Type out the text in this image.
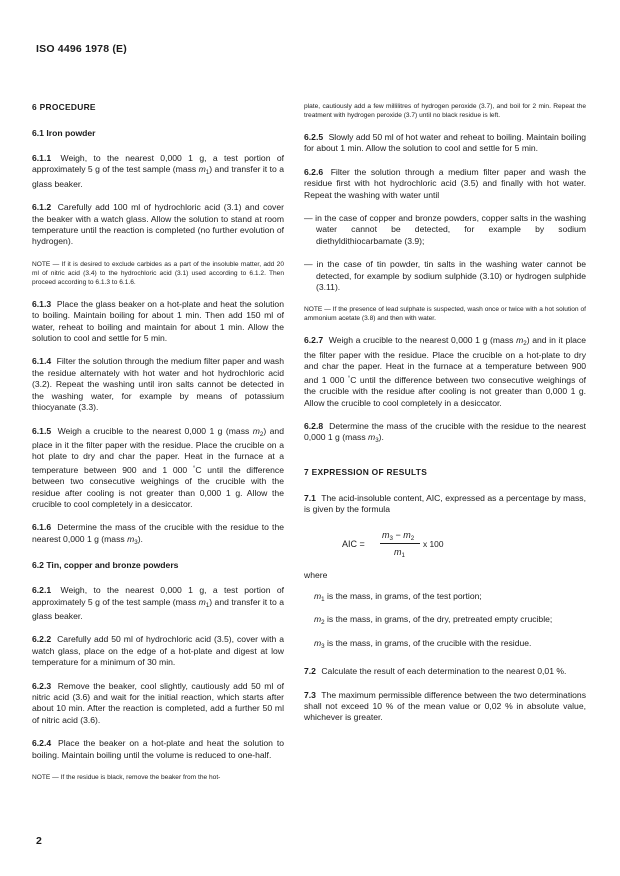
ISO 4496 1978 (E)
6 PROCEDURE
6.1 Iron powder

6.1.1 Weigh, to the nearest 0,000 1 g, a test portion of approximately 5 g of the test sample (mass $m_1$) and transfer it to a glass beaker.

6.1.2 Carefully add 100 ml of hydrochloric acid (3.1) and cover the beaker with a watch glass. Allow the solution to stand at room temperature until the reaction is completed (no further evolution of hydrogen).

NOTE — If it is desired to exclude carbides as a part of the insoluble matter, add 20 ml of nitric acid (3.4) to the hydrochloric acid (3.1) used according to 6.1.2. Then proceed according to 6.1.3 to 6.1.6.

6.1.3 Place the glass beaker on a hot-plate and heat the solution to boiling. Maintain boiling for about 1 min. Then add 150 ml of water, reheat to boiling and maintain for about 1 min. Allow the solution to cool and settle for 5 min.

6.1.4 Filter the solution through the medium filter paper and wash the residue alternately with hot water and hot hydrochloric acid (3.2). Repeat the washing until iron salts cannot be detected in the washing water, for example by means of potassium thiocyanate (3.3).

6.1.5 Weigh a crucible to the nearest 0,000 1 g (mass $m_2$) and place in it the filter paper with the residue. Place the crucible on a hot plate to dry and char the paper. Heat in the furnace at a temperature between 900 and 1 000 °C until the difference between two consecutive weighings of the crucible with the residue after cooling is not greater than 0,000 1 g. Allow the crucible to cool completely in a desiccator.

6.1.6 Determine the mass of the crucible with the residue to the nearest 0,000 1 g (mass $m_3$).

6.2 Tin, copper and bronze powders

6.2.1 Weigh, to the nearest 0,000 1 g, a test portion of approximately 5 g of the test sample (mass $m_1$) and transfer it to a glass beaker.

6.2.2 Carefully add 50 ml of hydrochloric acid (3.5), cover with a watch glass, place on the edge of a hot-plate and digest at low temperature for a minimum of 30 min.

6.2.3 Remove the beaker, cool slightly, cautiously add 50 ml of nitric acid (3.6) and wait for the initial reaction, which starts after about 10 min. After the reaction is completed, add a further 50 ml of nitric acid (3.6).

6.2.4 Place the beaker on a hot-plate and heat the solution to boiling. Maintain boiling until the volume is reduced to one-half.

NOTE — If the residue is black, remove the beaker from the hot-

plate, cautiously add a few millilitres of hydrogen peroxide (3.7), and boil for 2 min. Repeat the treatment with hydrogen peroxide (3.7) until no black residue is left.

6.2.5 Slowly add 50 ml of hot water and reheat to boiling. Maintain boiling for about 1 min. Allow the solution to cool and settle for 5 min.

6.2.6 Filter the solution through a medium filter paper and wash the residue first with hot hydrochloric acid (3.5) and finally with hot water. Repeat the washing with water until

— in the case of copper and bronze powders, copper salts in the washing water cannot be detected, for example by sodium diethyldithiocarbamate (3.9);

— in the case of tin powder, tin salts in the washing water cannot be detected, for example by sodium sulphide (3.10) or hydrogen sulphide (3.11).

NOTE — If the presence of lead sulphate is suspected, wash once or twice with a hot solution of ammonium acetate (3.8) and then with water.

6.2.7 Weigh a crucible to the nearest 0,000 1 g (mass $m_2$) and in it place the filter paper with the residue. Place the crucible on a hot-plate to dry and char the paper. Heat in the furnace at a temperature between 900 and 1 000 °C until the difference between two consecutive weighings of the crucible with the residue after cooling is not greater than 0,000 1 g. Allow the crucible to cool completely in a desiccator.

6.2.8 Determine the mass of the crucible with the residue to the nearest 0,000 1 g (mass $m_3$).

7 EXPRESSION OF RESULTS

7.1 The acid-insoluble content, AIC, expressed as a percentage by mass, is given by the formula

AIC =
$m_3 - m_2$
$m_1$
x 100

where

$m_1$ is the mass, in grams, of the test portion;

$m_2$ is the mass, in grams, of the dry, pretreated empty crucible;

$m_3$ is the mass, in grams, of the crucible with the residue.

7.2 Calculate the result of each determination to the nearest 0,01 %.

7.3 The maximum permissible difference between the two determinations shall not exceed 10 % of the mean value or 0,02 % in absolute value, whichever is greater.

2
